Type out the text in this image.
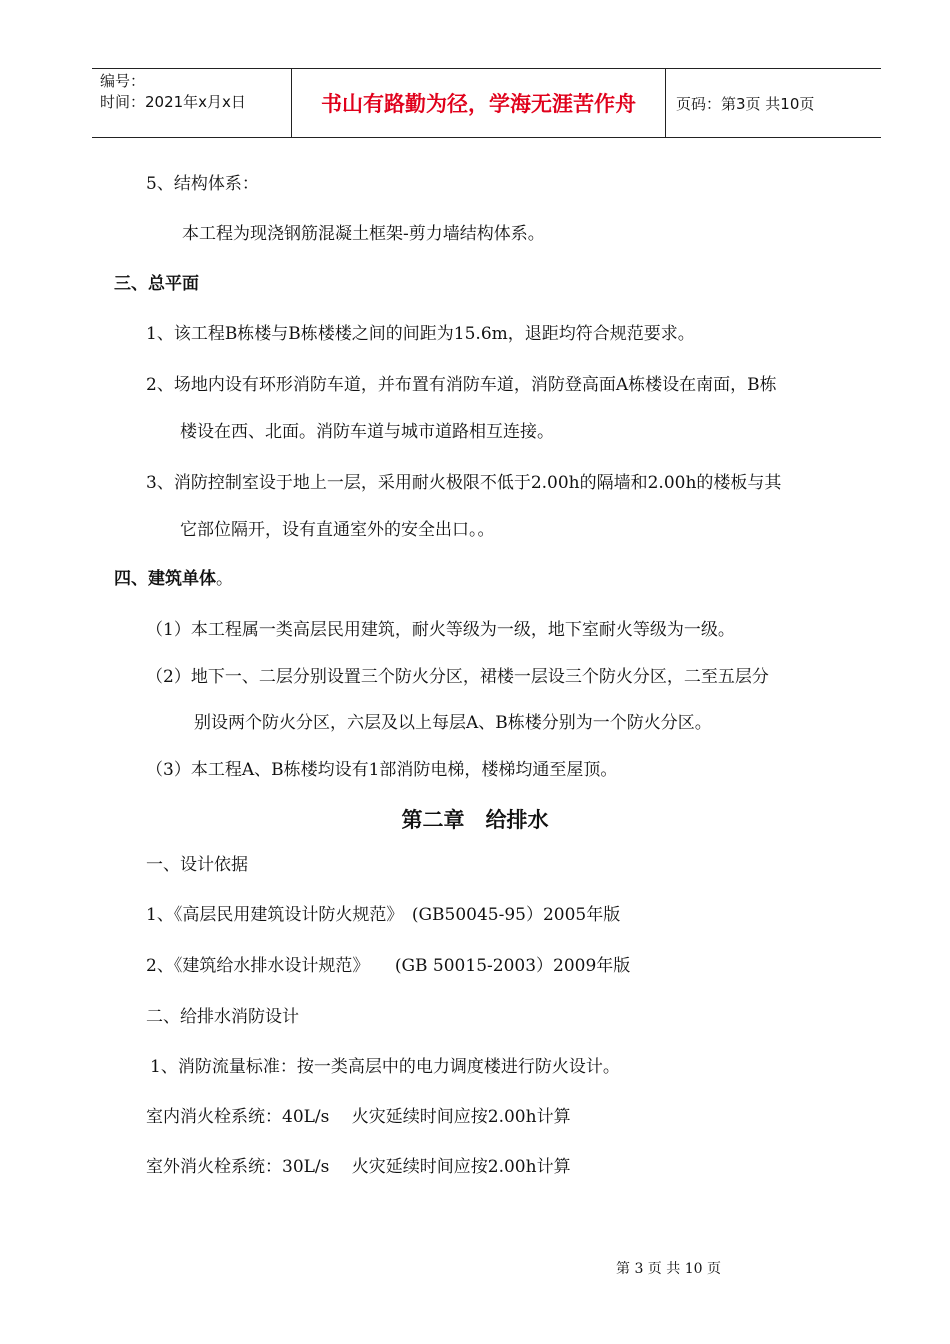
编号：
时间：2021年x月x日	书山有路勤为径，学海无涯苦作舟	页码：第3页 共10页
5、结构体系：
本工程为现浇钢筋混凝土框架-剪力墙结构体系。
三、总平面
1、该工程B栋楼与B栋楼楼之间的间距为15.6m，退距均符合规范要求。
2、场地内设有环形消防车道，并布置有消防车道，消防登高面A栋楼设在南面，B栋
楼设在西、北面。消防车道与城市道路相互连接。
3、消防控制室设于地上一层，采用耐火极限不低于2.00h的隔墙和2.00h的楼板与其
它部位隔开，设有直通室外的安全出口。。
四、建筑单体。
（1）本工程属一类高层民用建筑，耐火等级为一级，地下室耐火等级为一级。
（2）地下一、二层分别设置三个防火分区，裙楼一层设三个防火分区，二至五层分
别设两个防火分区，六层及以上每层A、B栋楼分别为一个防火分区。
（3）本工程A、B栋楼均设有1部消防电梯，楼梯均通至屋顶。
第二章　给排水
一、设计依据
1、《高层民用建筑设计防火规范》　(GB50045-95）2005年版
2、《建筑给水排水设计规范》　　(GB 50015-2003）2009年版
二、给排水消防设计
1、消防流量标准：按一类高层中的电力调度楼进行防火设计。
室内消火栓系统：40L/s　 火灾延续时间应按2.00h计算
室外消火栓系统：30L/s　 火灾延续时间应按2.00h计算
第 3 页 共 10 页
